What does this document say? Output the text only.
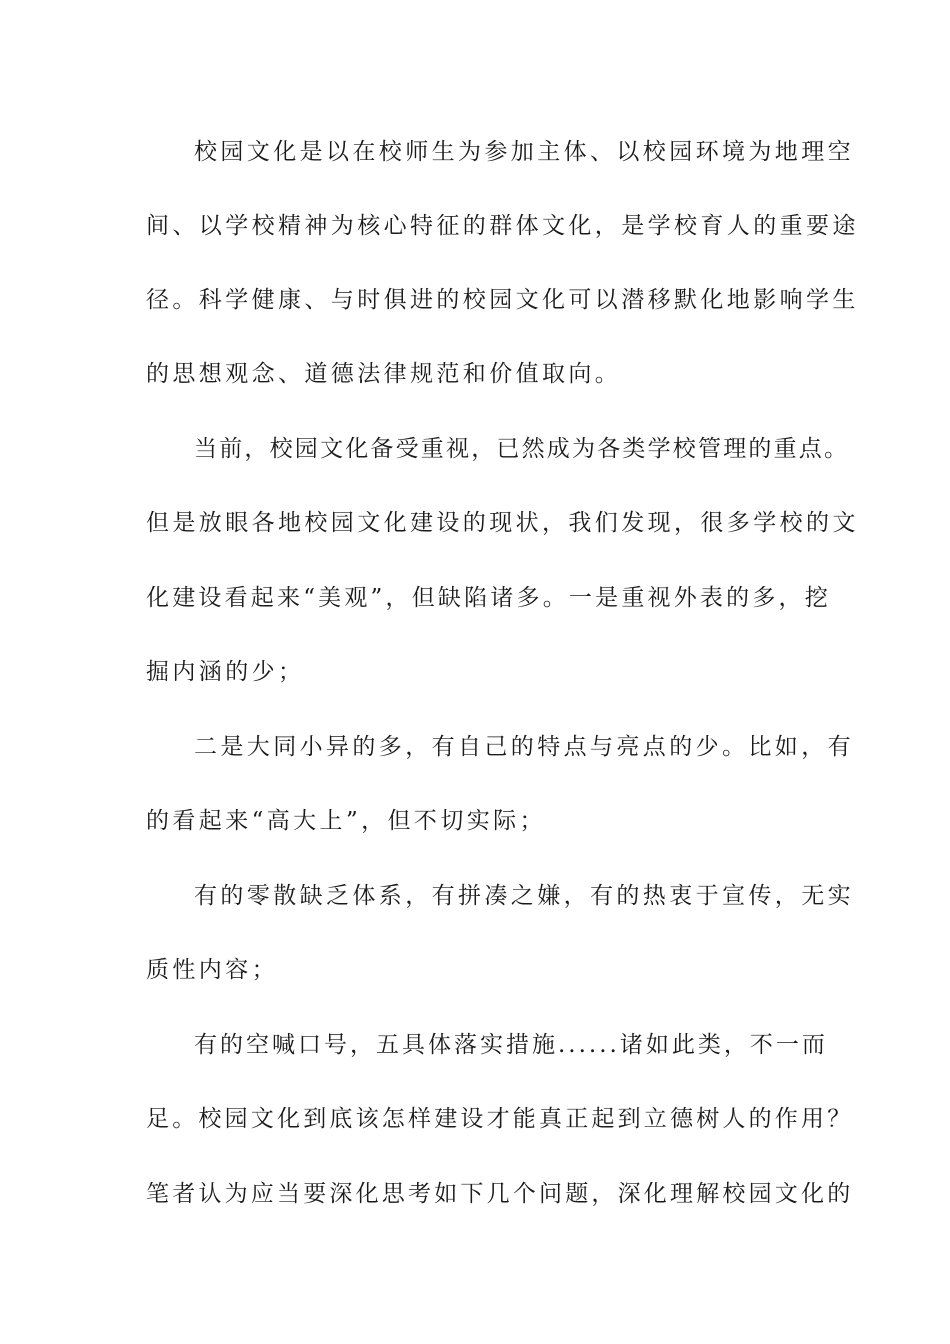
校园文化是以在校师生为参加主体、以校园环境为地理空

间、以学校精神为核心特征的群体文化，是学校育人的重要途

径。科学健康、与时俱进的校园文化可以潜移默化地影响学生

的思想观念、道德法律规范和价值取向。

当前，校园文化备受重视，已然成为各类学校管理的重点。

但是放眼各地校园文化建设的现状，我们发现，很多学校的文

化建设看起来“美观”，但缺陷诸多。一是重视外表的多，挖

掘内涵的少；

二是大同小异的多，有自己的特点与亮点的少。比如，有

的看起来“高大上”，但不切实际；

有的零散缺乏体系，有拼凑之嫌，有的热衷于宣传，无实

质性内容；

有的空喊口号，五具体落实措施......诸如此类，不一而

足。校园文化到底该怎样建设才能真正起到立德树人的作用？

笔者认为应当要深化思考如下几个问题，深化理解校园文化的
